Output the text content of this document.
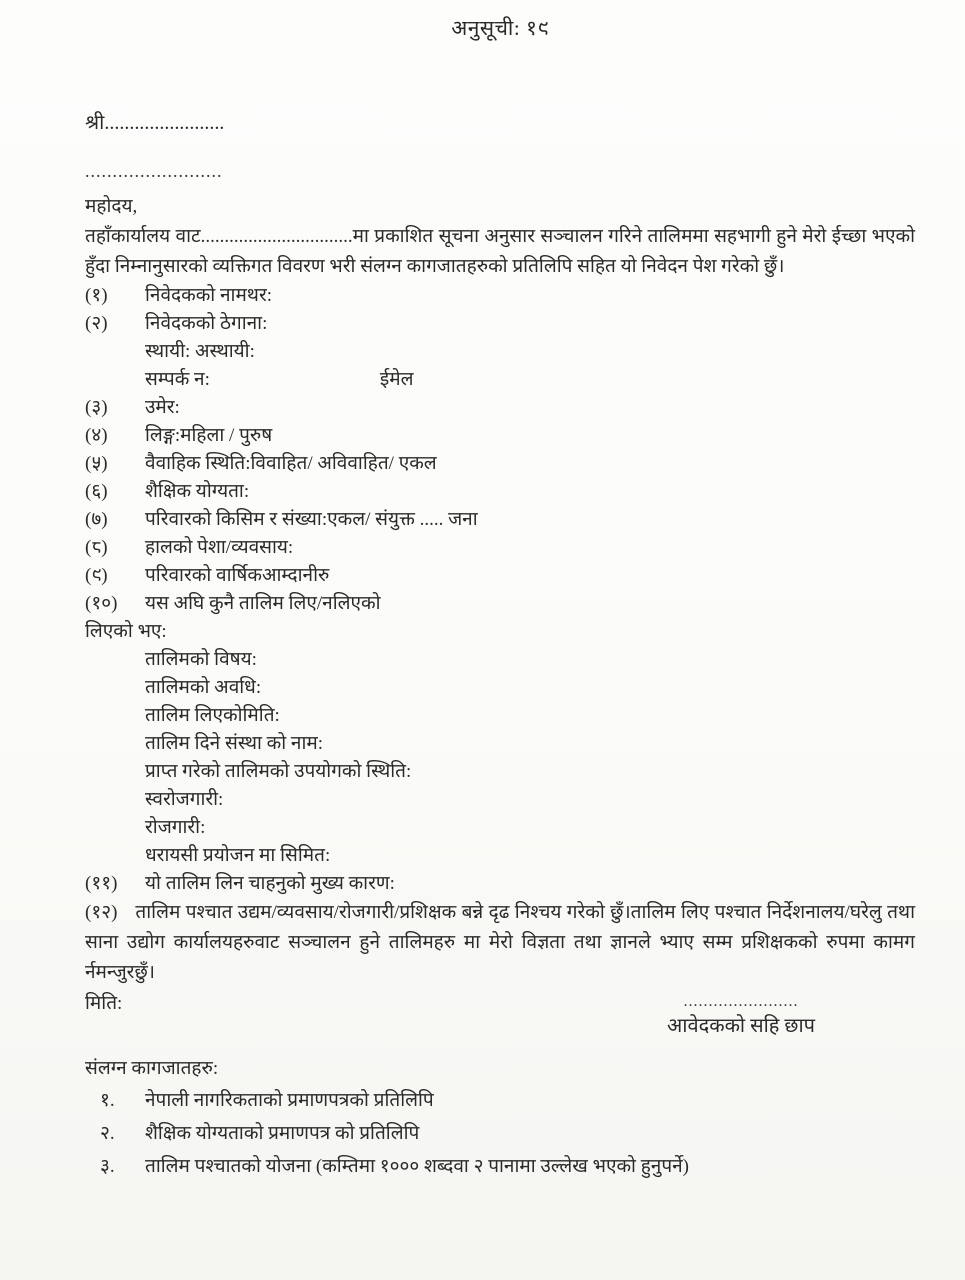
अनुसूची: १९
श्री........................
.........................
महोदय,

तहाँकार्यालय वाट................................मा प्रकाशित सूचना अनुसार सञ्चालन गरिने तालिममा सहभागी हुने मेरो ईच्छा भएको हुँदा निम्नानुसारको व्यक्तिगत विवरण भरी संलग्न कागजातहरुको प्रतिलिपि सहित यो निवेदन पेश गरेको छुँ।

(१)	निवेदकको नामथर:
(२)	निवेदकको ठेगाना:
स्थायी: अस्थायी:
सम्पर्क न:	ईमेल
(३)	उमेर:
(४)	लिङ्ग:महिला / पुरुष
(५)	वैवाहिक स्थिति:विवाहित/ अविवाहित/ एकल
(६)	शैक्षिक योग्यता:
(७)	परिवारको किसिम र संख्या:एकल/ संयुक्त ..... जना
(८)	हालको पेशा/व्यवसाय:
(९)	परिवारको वार्षिकआम्दानीरु
(१०)	यस अघि कुनै तालिम लिए/नलिएको
लिएको भए:
तालिमको विषय:
तालिमको अवधि:
तालिम लिएकोमिति:
तालिम दिने संस्था को नाम:
प्राप्त गरेको तालिमको उपयोगको स्थिति:
स्वरोजगारी:
रोजगारी:
धरायसी प्रयोजन मा सिमित:
(११)	यो तालिम लिन चाहनुको मुख्य कारण:

(१२) तालिम पश्चात उद्यम/व्यवसाय/रोजगारी/प्रशिक्षक बन्ने दृढ निश्चय गरेको छुँ।तालिम लिए पश्चात निर्देशनालय/घरेलु तथा साना उद्योग कार्यालयहरुवाट सञ्चालन हुने तालिमहरु मा मेरो विज्ञता तथा ज्ञानले भ्याए सम्म प्रशिक्षकको रुपमा कामग र्नमन्जुरछुँ।

मिति:	.......................
आवेदकको सहि छाप
संलग्न कागजातहरु:
१.	नेपाली नागरिकताको प्रमाणपत्रको प्रतिलिपि
२.	शैक्षिक योग्यताको प्रमाणपत्र को प्रतिलिपि
३.	तालिम पश्चातको योजना (कम्तिमा १००० शब्दवा २ पानामा उल्लेख भएको हुनुपर्ने)
